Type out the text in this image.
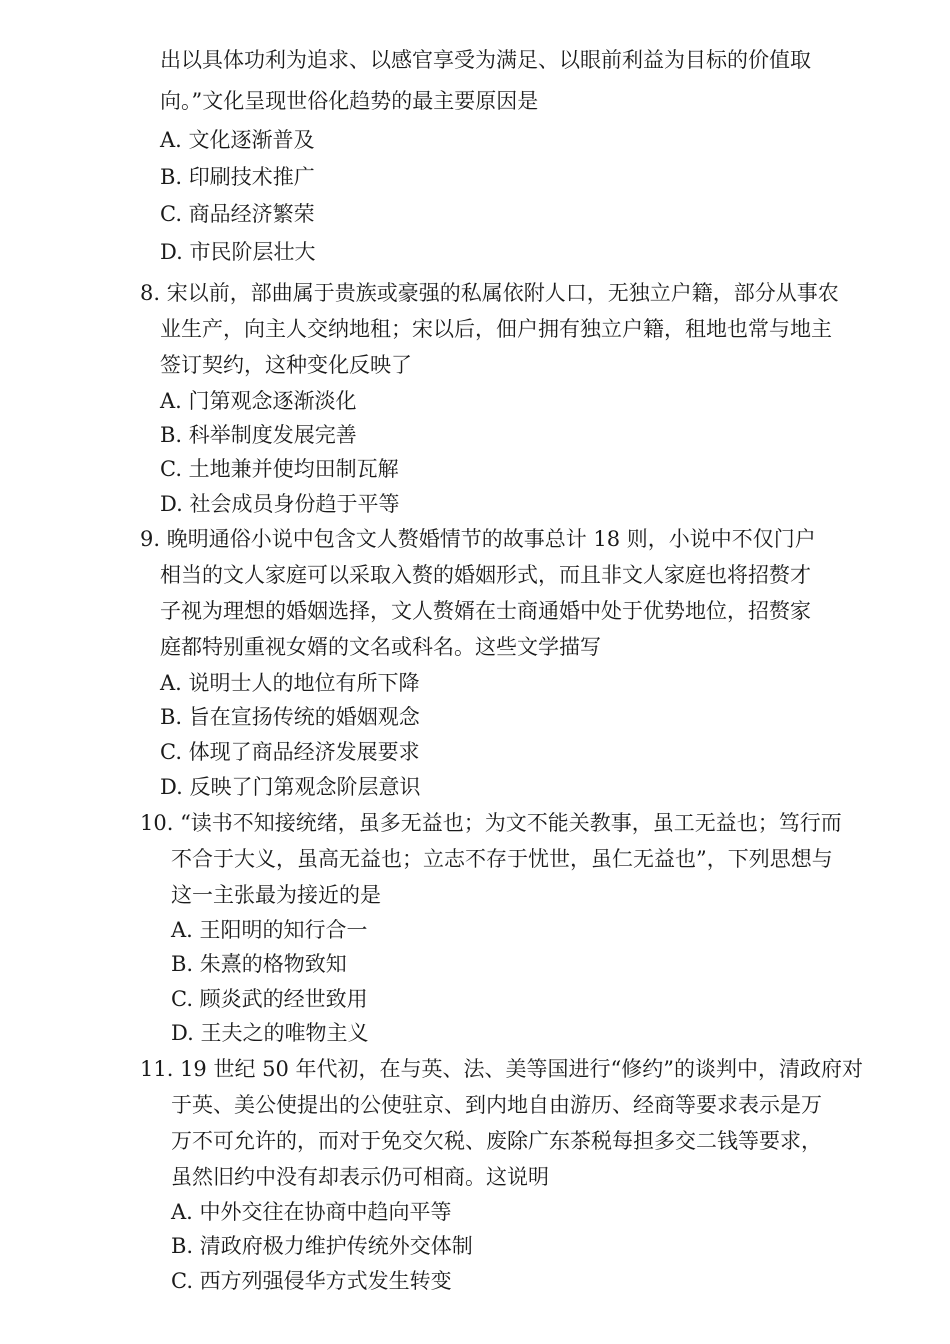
出以具体功利为追求、以感官享受为满足、以眼前利益为目标的价值取
向。”文化呈现世俗化趋势的最主要原因是
A. 文化逐渐普及
B. 印刷技术推广
C. 商品经济繁荣
D. 市民阶层壮大
8. 宋以前，部曲属于贵族或豪强的私属依附人口，无独立户籍，部分从事农
业生产，向主人交纳地租；宋以后，佃户拥有独立户籍，租地也常与地主
签订契约，这种变化反映了
A. 门第观念逐渐淡化
B. 科举制度发展完善
C. 土地兼并使均田制瓦解
D. 社会成员身份趋于平等
9. 晚明通俗小说中包含文人赘婚情节的故事总计 18 则，小说中不仅门户
相当的文人家庭可以采取入赘的婚姻形式，而且非文人家庭也将招赘才
子视为理想的婚姻选择，文人赘婿在士商通婚中处于优势地位，招赘家
庭都特别重视女婿的文名或科名。这些文学描写
A. 说明士人的地位有所下降
B. 旨在宣扬传统的婚姻观念
C. 体现了商品经济发展要求
D. 反映了门第观念阶层意识
10. “读书不知接统绪，虽多无益也；为文不能关教事，虽工无益也；笃行而
不合于大义，虽高无益也；立志不存于忧世，虽仁无益也”，下列思想与
这一主张最为接近的是
A. 王阳明的知行合一
B. 朱熹的格物致知
C. 顾炎武的经世致用
D. 王夫之的唯物主义
11. 19 世纪 50 年代初，在与英、法、美等国进行“修约”的谈判中，清政府对
于英、美公使提出的公使驻京、到内地自由游历、经商等要求表示是万
万不可允许的，而对于免交欠税、废除广东茶税每担多交二钱等要求，
虽然旧约中没有却表示仍可相商。这说明
A. 中外交往在协商中趋向平等
B. 清政府极力维护传统外交体制
C. 西方列强侵华方式发生转变
